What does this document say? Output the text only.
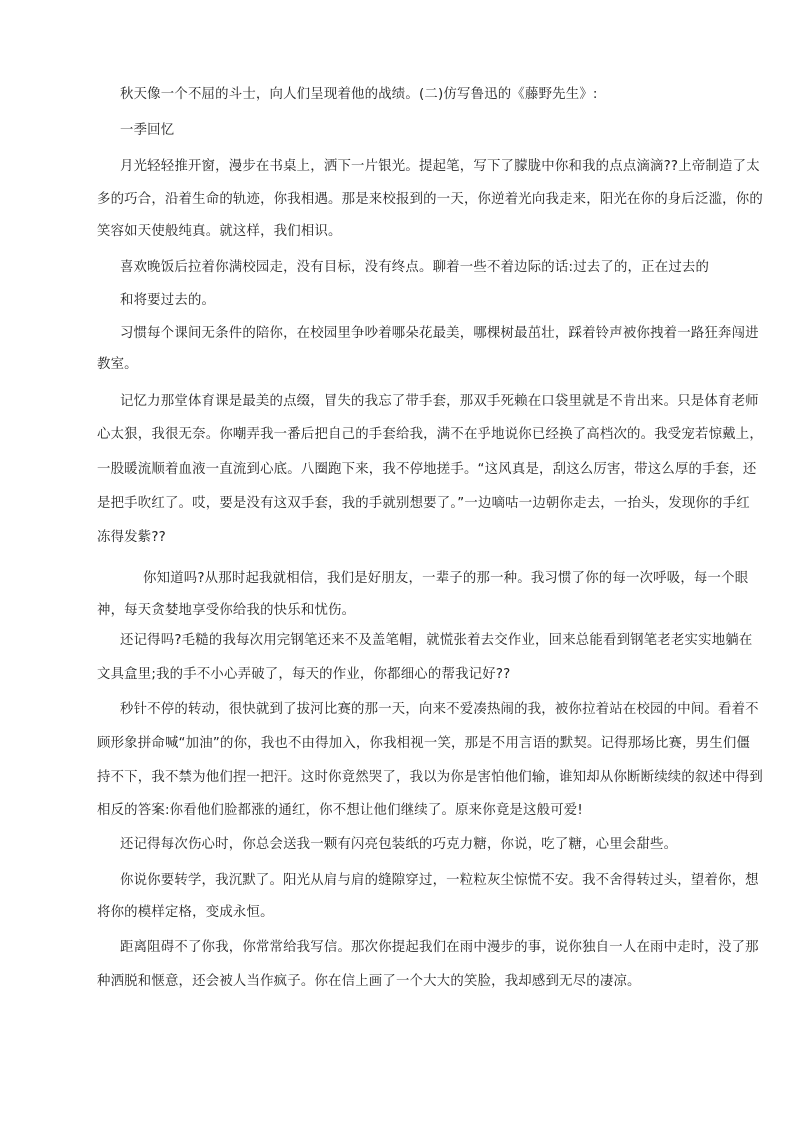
秋天像一个不屈的斗士，向人们呈现着他的战绩。(二)仿写鲁迅的《藤野先生》:
一季回忆
月光轻轻推开窗，漫步在书桌上，洒下一片银光。提起笔，写下了朦胧中你和我的点点滴滴??上帝制造了太
多的巧合，沿着生命的轨迹，你我相遇。那是来校报到的一天，你逆着光向我走来，阳光在你的身后泛滥，你的
笑容如天使般纯真。就这样，我们相识。
喜欢晚饭后拉着你满校园走，没有目标，没有终点。聊着一些不着边际的话:过去了的，正在过去的
和将要过去的。
习惯每个课间无条件的陪你，在校园里争吵着哪朵花最美，哪棵树最茁壮，踩着铃声被你拽着一路狂奔闯进
教室。
记忆力那堂体育课是最美的点缀，冒失的我忘了带手套，那双手死赖在口袋里就是不肯出来。只是体育老师
心太狠，我很无奈。你嘲弄我一番后把自己的手套给我，满不在乎地说你已经换了高档次的。我受宠若惊戴上，
一股暖流顺着血液一直流到心底。八圈跑下来，我不停地搓手。“这风真是，刮这么厉害，带这么厚的手套，还
是把手吹红了。哎，要是没有这双手套，我的手就别想要了。”一边嘀咕一边朝你走去，一抬头，发现你的手红
冻得发紫??
你知道吗?从那时起我就相信，我们是好朋友，一辈子的那一种。我习惯了你的每一次呼吸，每一个眼
神，每天贪婪地享受你给我的快乐和忧伤。
还记得吗?毛糙的我每次用完钢笔还来不及盖笔帽，就慌张着去交作业，回来总能看到钢笔老老实实地躺在
文具盒里;我的手不小心弄破了，每天的作业，你都细心的帮我记好??
秒针不停的转动，很快就到了拔河比赛的那一天，向来不爱凑热闹的我，被你拉着站在校园的中间。看着不
顾形象拼命喊“加油”的你，我也不由得加入，你我相视一笑，那是不用言语的默契。记得那场比赛，男生们僵
持不下，我不禁为他们捏一把汗。这时你竟然哭了，我以为你是害怕他们输，谁知却从你断断续续的叙述中得到
相反的答案:你看他们脸都涨的通红，你不想让他们继续了。原来你竟是这般可爱!
还记得每次伤心时，你总会送我一颗有闪亮包装纸的巧克力糖，你说，吃了糖，心里会甜些。
你说你要转学，我沉默了。阳光从肩与肩的缝隙穿过，一粒粒灰尘惊慌不安。我不舍得转过头，望着你，想
将你的模样定格，变成永恒。
距离阻碍不了你我，你常常给我写信。那次你提起我们在雨中漫步的事，说你独自一人在雨中走时，没了那
种洒脱和惬意，还会被人当作疯子。你在信上画了一个大大的笑脸，我却感到无尽的凄凉。
